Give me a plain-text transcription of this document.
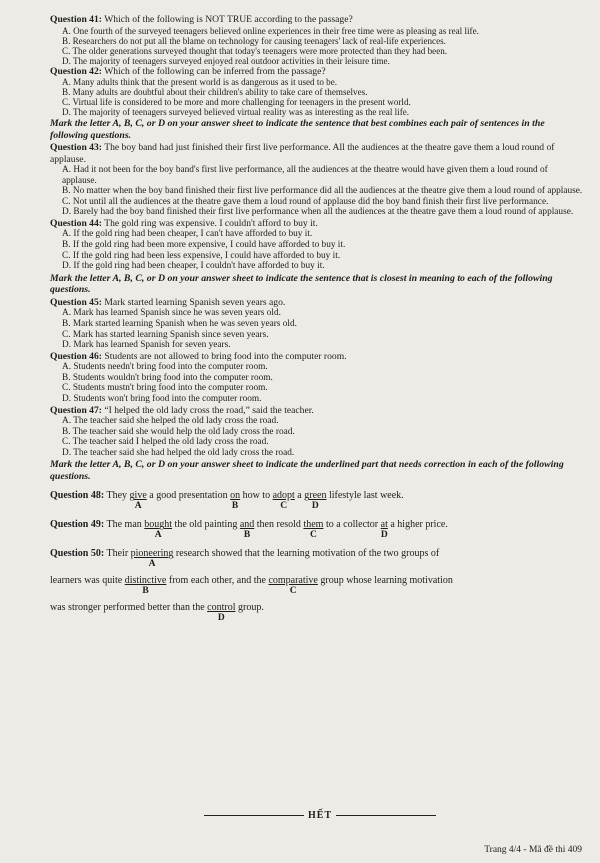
Question 41: Which of the following is NOT TRUE according to the passage?
A. One fourth of the surveyed teenagers believed online experiences in their free time were as pleasing as real life.
B. Researchers do not put all the blame on technology for causing teenagers' lack of real-life experiences.
C. The older generations surveyed thought that today's teenagers were more protected than they had been.
D. The majority of teenagers surveyed enjoyed real outdoor activities in their leisure time.
Question 42: Which of the following can be inferred from the passage?
A. Many adults think that the present world is as dangerous as it used to be.
B. Many adults are doubtful about their children's ability to take care of themselves.
C. Virtual life is considered to be more and more challenging for teenagers in the present world.
D. The majority of teenagers surveyed believed virtual reality was as interesting as the real life.
Mark the letter A, B, C, or D on your answer sheet to indicate the sentence that best combines each pair of sentences in the following questions.
Question 43: The boy band had just finished their first live performance. All the audiences at the theatre gave them a loud round of applause.
A. Had it not been for the boy band's first live performance, all the audiences at the theatre would have given them a loud round of applause.
B. No matter when the boy band finished their first live performance did all the audiences at the theatre give them a loud round of applause.
C. Not until all the audiences at the theatre gave them a loud round of applause did the boy band finish their first live performance.
D. Barely had the boy band finished their first live performance when all the audiences at the theatre gave them a loud round of applause.
Question 44: The gold ring was expensive. I couldn't afford to buy it.
A. If the gold ring had been cheaper, I can't have afforded to buy it.
B. If the gold ring had been more expensive, I could have afforded to buy it.
C. If the gold ring had been less expensive, I could have afforded to buy it.
D. If the gold ring had been cheaper, I couldn't have afforded to buy it.
Mark the letter A, B, C, or D on your answer sheet to indicate the sentence that is closest in meaning to each of the following questions.
Question 45: Mark started learning Spanish seven years ago.
A. Mark has learned Spanish since he was seven years old.
B. Mark started learning Spanish when he was seven years old.
C. Mark has started learning Spanish since seven years.
D. Mark has learned Spanish for seven years.
Question 46: Students are not allowed to bring food into the computer room.
A. Students needn't bring food into the computer room.
B. Students wouldn't bring food into the computer room.
C. Students mustn't bring food into the computer room.
D. Students won't bring food into the computer room.
Question 47: “I helped the old lady cross the road,” said the teacher.
A. The teacher said she helped the old lady cross the road.
B. The teacher said she would help the old lady cross the road.
C. The teacher said I helped the old lady cross the road.
D. The teacher said she had helped the old lady cross the road.
Mark the letter A, B, C, or D on your answer sheet to indicate the underlined part that needs correction in each of the following questions.
Question 48: They give
A
a good presentation $\frac{on}{B}$ how to adopt
C
a green
D
lifestyle last week.
Question 49: The man bought
A
the old painting and
B
then resold them
C
to a collector $\frac{at}{D}$ a higher price.
Question 50: Their pioneering
A
research showed that the learning motivation of the two groups of
learners was quite distinctive
B
from each other, and the comparative
C
group whose learning motivation
was stronger performed better than the control
D
group.
HẾT
Trang 4/4 - Mã đề thi 409
